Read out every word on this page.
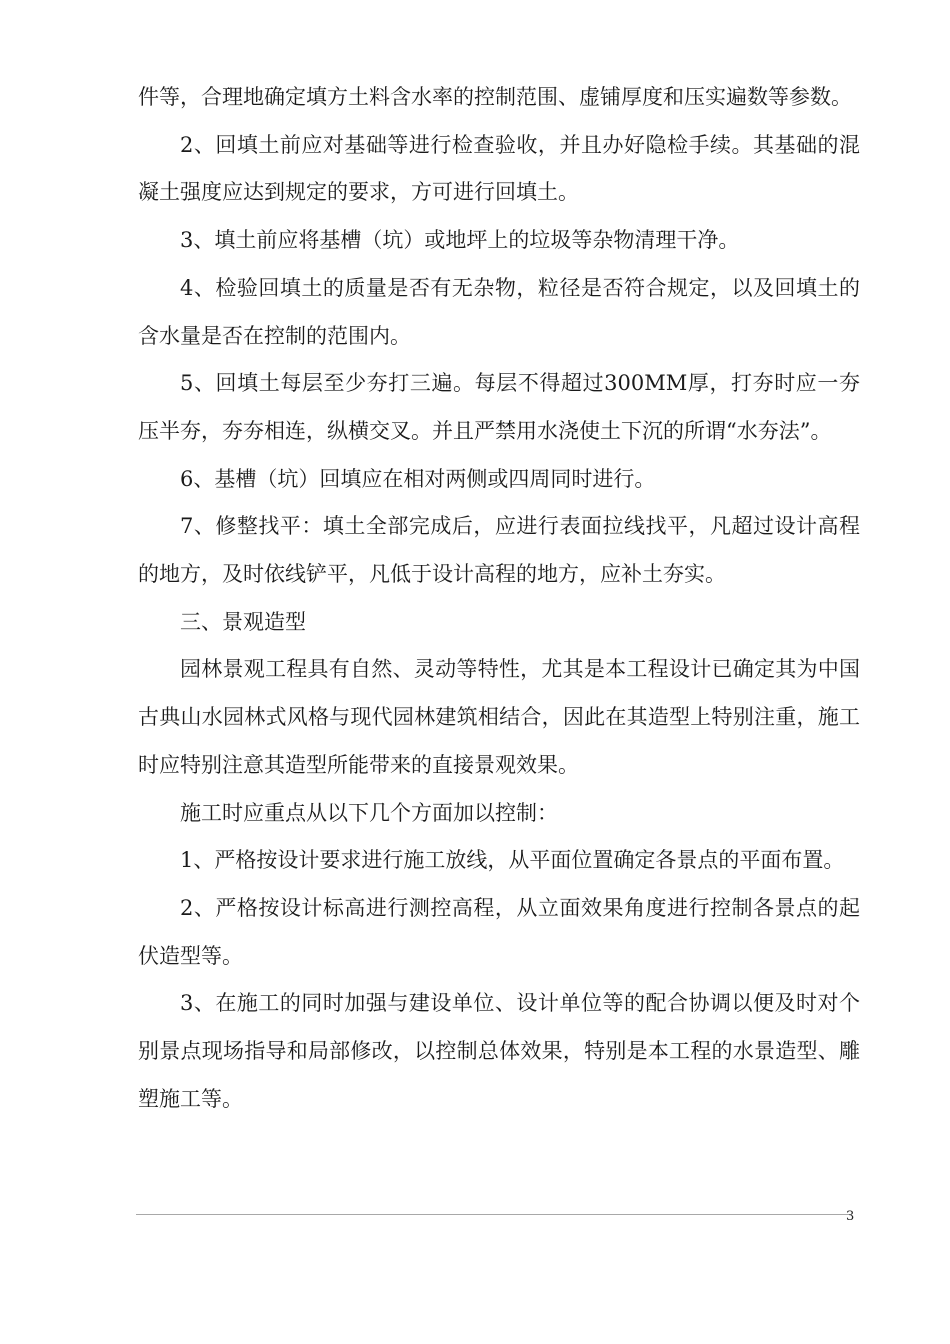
件等，合理地确定填方土料含水率的控制范围、虚铺厚度和压实遍数等参数。

2、回填土前应对基础等进行检查验收，并且办好隐检手续。其基础的混凝土强度应达到规定的要求，方可进行回填土。

3、填土前应将基槽（坑）或地坪上的垃圾等杂物清理干净。

4、检验回填土的质量是否有无杂物，粒径是否符合规定，以及回填土的含水量是否在控制的范围内。

5、回填土每层至少夯打三遍。每层不得超过300MM厚，打夯时应一夯压半夯，夯夯相连，纵横交叉。并且严禁用水浇使土下沉的所谓“水夯法”。

6、基槽（坑）回填应在相对两侧或四周同时进行。

7、修整找平：填土全部完成后，应进行表面拉线找平，凡超过设计高程的地方，及时依线铲平，凡低于设计高程的地方，应补土夯实。

三、景观造型

园林景观工程具有自然、灵动等特性，尤其是本工程设计已确定其为中国古典山水园林式风格与现代园林建筑相结合，因此在其造型上特别注重，施工时应特别注意其造型所能带来的直接景观效果。

施工时应重点从以下几个方面加以控制：

1、严格按设计要求进行施工放线，从平面位置确定各景点的平面布置。

2、严格按设计标高进行测控高程，从立面效果角度进行控制各景点的起伏造型等。

3、在施工的同时加强与建设单位、设计单位等的配合协调以便及时对个别景点现场指导和局部修改，以控制总体效果，特别是本工程的水景造型、雕塑施工等。

3
